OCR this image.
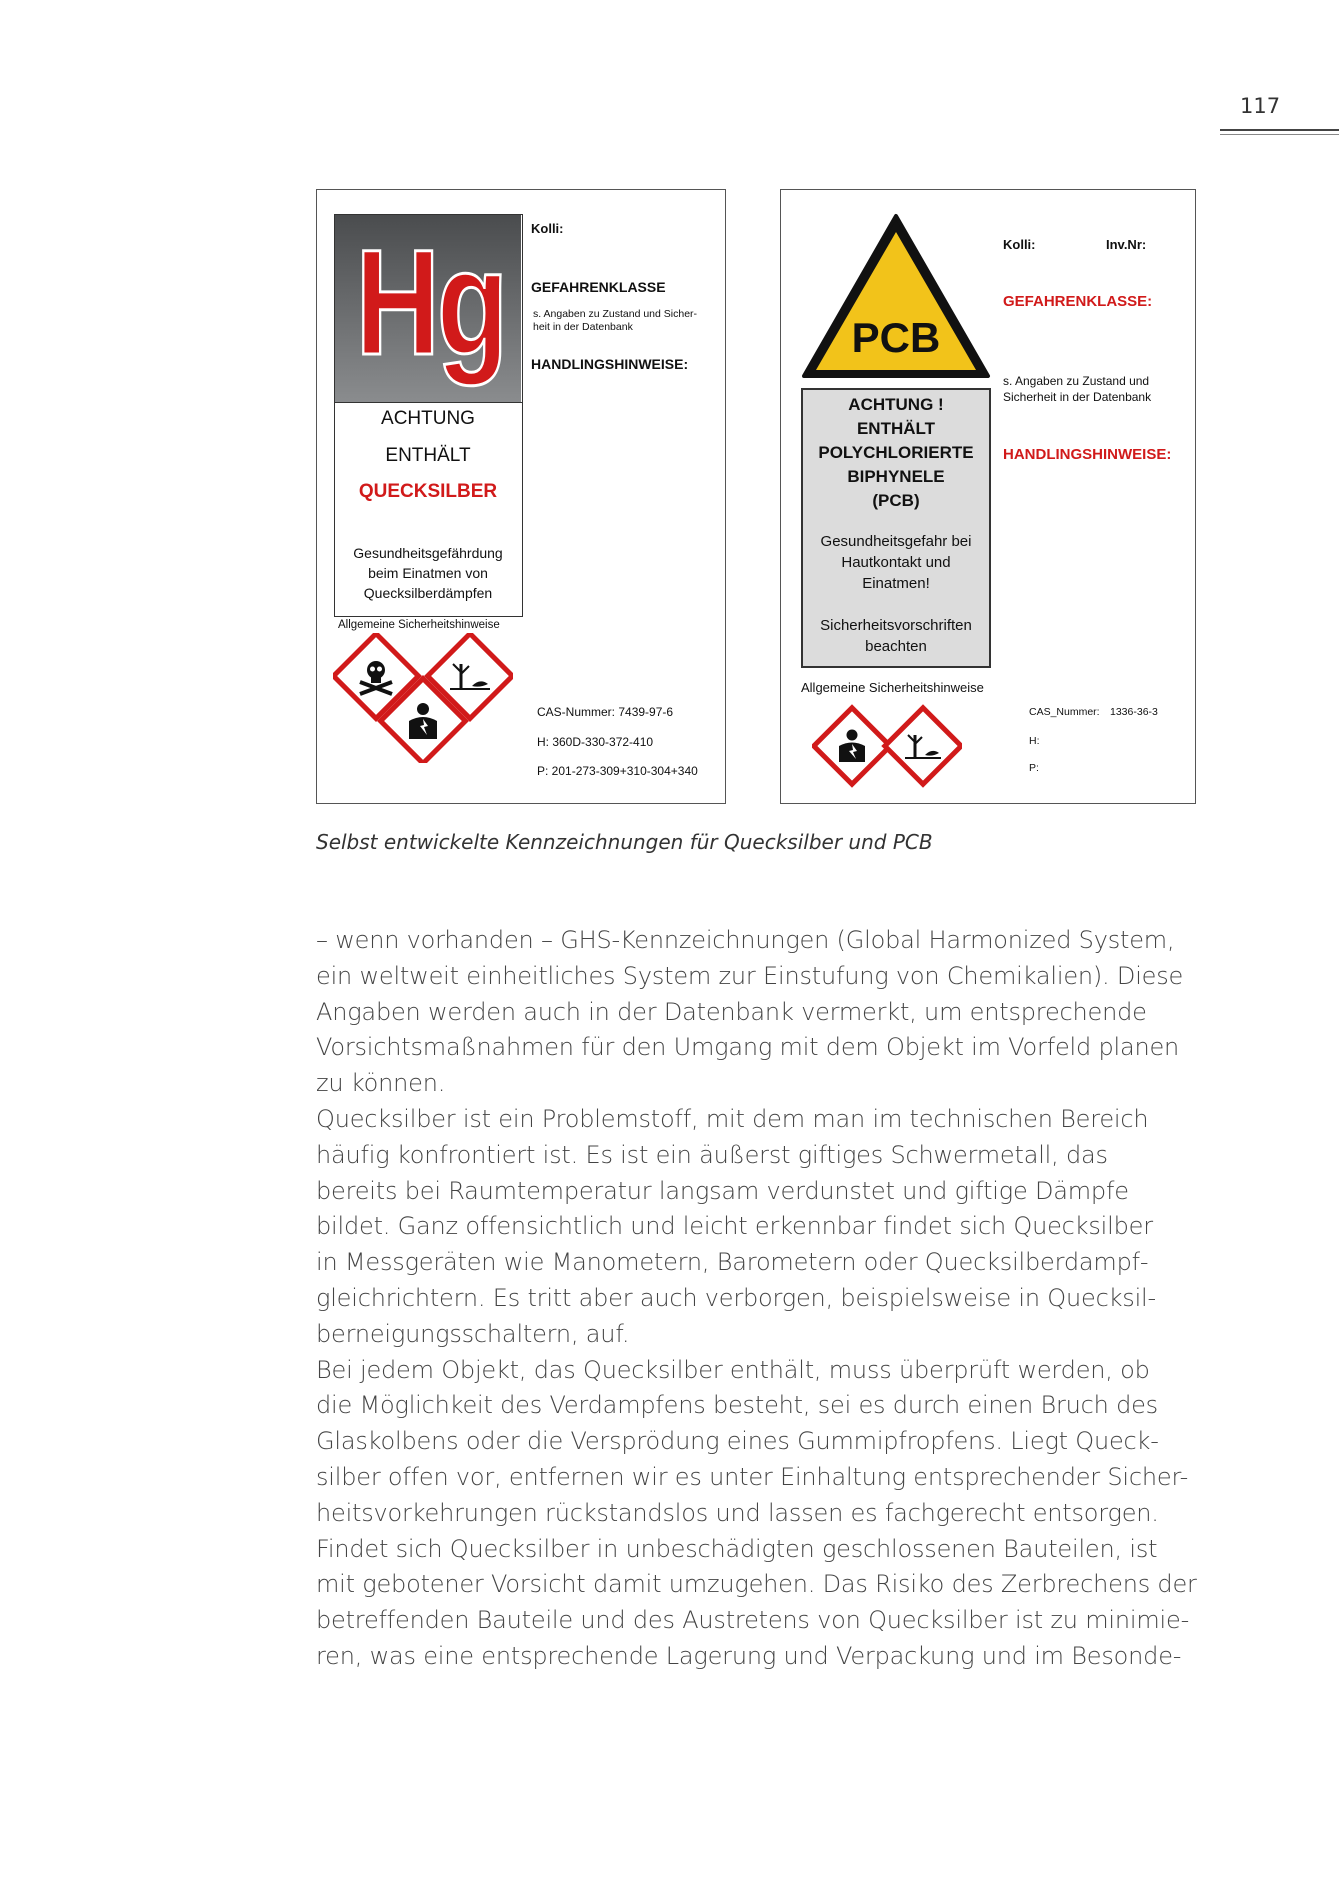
117
Hg
ACHTUNG
ENTHÄLT
QUECKSILBER
Gesundheitsgefährdung
beim Einatmen von
Quecksilberdämpfen
Allgemeine Sicherheitshinweise
Kolli:
GEFAHRENKLASSE
s. Angaben zu Zustand und Sicher-
heit in der Datenbank
HANDLINGSHINWEISE:
CAS-Nummer: 7439-97-6
H: 360D-330-372-410
P: 201-273-309+310-304+340
PCB
ACHTUNG !
ENTHÄLT
POLYCHLORIERTE
BIPHYNELE
(PCB)
Gesundheitsgefahr bei
Hautkontakt und
Einatmen!
Sicherheitsvorschriften
beachten
Allgemeine Sicherheitshinweise
Kolli:	Inv.Nr:
GEFAHRENKLASSE:
s. Angaben zu Zustand und
Sicherheit in der Datenbank
HANDLINGSHINWEISE:
CAS_Nummer: 1336-36-3
H:
P:
Selbst entwickelte Kennzeichnungen für Quecksilber und PCB

– wenn vorhanden – GHS-Kennzeichnungen (Global Harmonized System,

ein weltweit einheitliches System zur Einstufung von Chemikalien). Diese

Angaben werden auch in der Datenbank vermerkt, um entsprechende

Vorsichtsmaßnahmen für den Umgang mit dem Objekt im Vorfeld planen

zu können.

Quecksilber ist ein Problemstoff, mit dem man im technischen Bereich

häufig konfrontiert ist. Es ist ein äußerst giftiges Schwermetall, das

bereits bei Raumtemperatur langsam verdunstet und giftige Dämpfe

bildet. Ganz offensichtlich und leicht erkennbar findet sich Quecksilber

in Messgeräten wie Manometern, Barometern oder Quecksilberdampf-

gleichrichtern. Es tritt aber auch verborgen, beispielsweise in Quecksil-

berneigungsschaltern, auf.

Bei jedem Objekt, das Quecksilber enthält, muss überprüft werden, ob

die Möglichkeit des Verdampfens besteht, sei es durch einen Bruch des

Glaskolbens oder die Versprödung eines Gummipfropfens. Liegt Queck-

silber offen vor, entfernen wir es unter Einhaltung entsprechender Sicher-

heitsvorkehrungen rückstandslos und lassen es fachgerecht entsorgen.

Findet sich Quecksilber in unbeschädigten geschlossenen Bauteilen, ist

mit gebotener Vorsicht damit umzugehen. Das Risiko des Zerbrechens der

betreffenden Bauteile und des Austretens von Quecksilber ist zu minimie-

ren, was eine entsprechende Lagerung und Verpackung und im Besonde-
